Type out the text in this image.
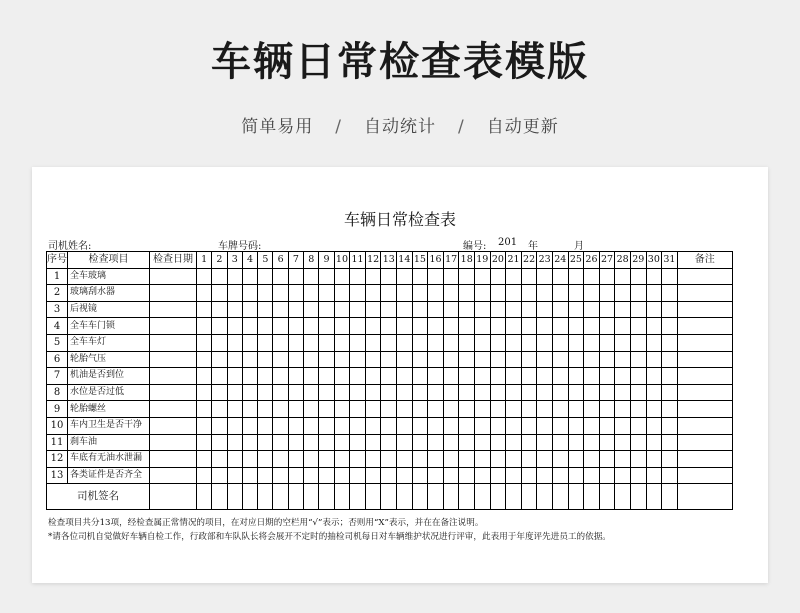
车辆日常检查表模版
简单易用 / 自动统计 / 自动更新
车辆日常检查表
司机姓名:	车牌号码:	编号: 201 年	月
序号	检查项目	检查日期	1	2	3	4	5	6	7	8	9	10	11	12	13	14	15	16	17	18	19	20	21	22	23	24	25	26	27	28	29	30	31	备注
1	全车玻璃																																	
2	玻璃刮水器																																	
3	后视镜																																	
4	全车车门锁																																	
5	全车车灯																																	
6	轮胎气压																																	
7	机油是否到位																																	
8	水位是否过低																																	
9	轮胎螺丝																																	
10	车内卫生是否干净																																	
11	刹车油																																	
12	车底有无油水泄漏																																	
13	各类证件是否齐全																																	
司机签名																																		
检查项目共分13项，经检查属正常情况的项目，在对应日期的空栏用“√”表示；否则用“X”表示，并在在备注说明。
*请各位司机自觉做好车辆自检工作，行政部和车队队长将会展开不定时的抽检司机每日对车辆维护状况进行评审，此表用于年度评先进员工的依据。
